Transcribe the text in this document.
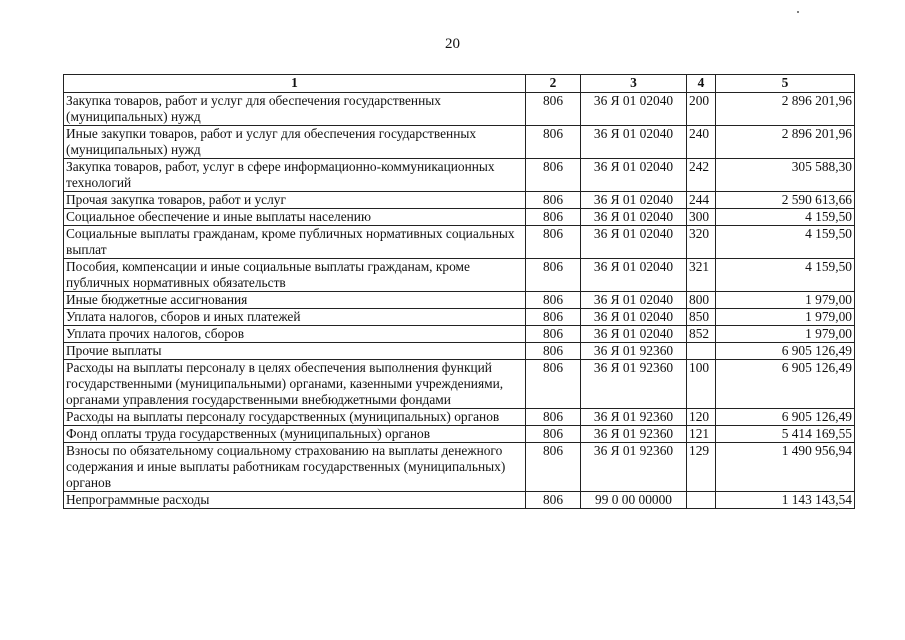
20
1	2	3	4	5
Закупка товаров, работ и услуг для обеспечения государственных (муниципальных) нужд	806	36 Я 01 02040	200	2 896 201,96
Иные закупки товаров, работ и услуг для обеспечения государственных (муниципальных) нужд	806	36 Я 01 02040	240	2 896 201,96
Закупка товаров, работ, услуг в сфере информационно-коммуникационных технологий	806	36 Я 01 02040	242	305 588,30
Прочая закупка товаров, работ и услуг	806	36 Я 01 02040	244	2 590 613,66
Социальное обеспечение и иные выплаты населению	806	36 Я 01 02040	300	4 159,50
Социальные выплаты гражданам, кроме публичных нормативных социальных выплат	806	36 Я 01 02040	320	4 159,50
Пособия, компенсации и иные социальные выплаты гражданам, кроме публичных нормативных обязательств	806	36 Я 01 02040	321	4 159,50
Иные бюджетные ассигнования	806	36 Я 01 02040	800	1 979,00
Уплата налогов, сборов и иных платежей	806	36 Я 01 02040	850	1 979,00
Уплата прочих налогов, сборов	806	36 Я 01 02040	852	1 979,00
Прочие выплаты	806	36 Я 01 92360		6 905 126,49
Расходы на выплаты персоналу в целях обеспечения выполнения функций государственными (муниципальными) органами, казенными учреждениями, органами управления государственными внебюджетными фондами	806	36 Я 01 92360	100	6 905 126,49
Расходы на выплаты персоналу государственных (муниципальных) органов	806	36 Я 01 92360	120	6 905 126,49
Фонд оплаты труда государственных (муниципальных) органов	806	36 Я 01 92360	121	5 414 169,55
Взносы по обязательному социальному страхованию на выплаты денежного содержания и иные выплаты работникам государственных (муниципальных) органов	806	36 Я 01 92360	129	1 490 956,94
Непрограммные расходы	806	99 0 00 00000		1 143 143,54
